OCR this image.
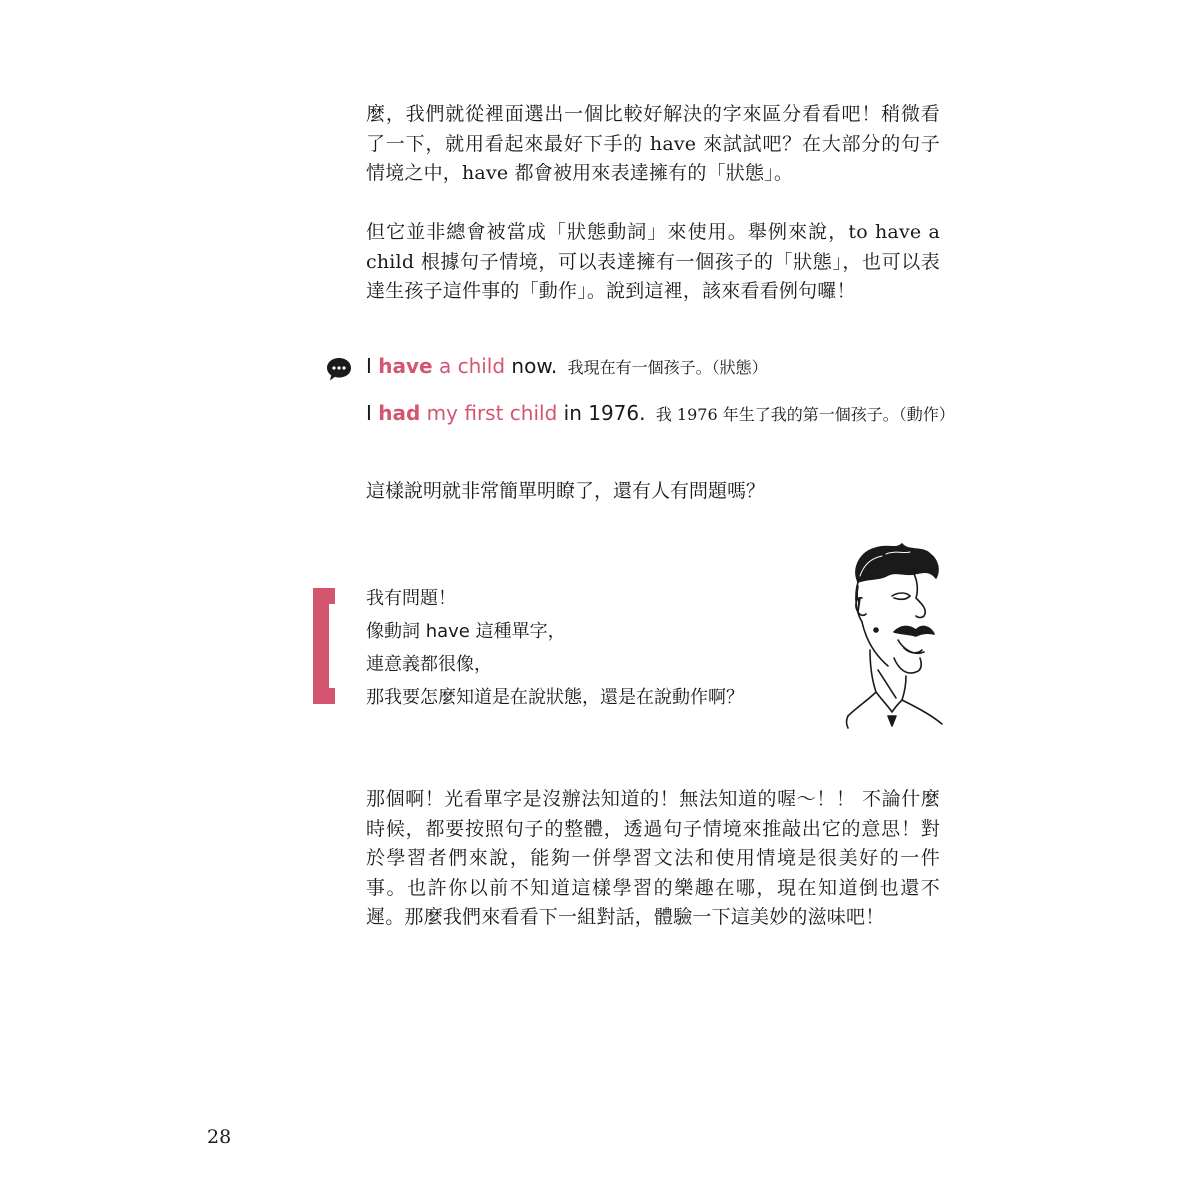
麼，我們就從裡面選出一個比較好解決的字來區分看看吧！稍微看了一下，就用看起來最好下手的 have 來試試吧？在大部分的句子情境之中，have 都會被用來表達擁有的「狀態」。

但它並非總會被當成「狀態動詞」來使用。舉例來說，to have a child 根據句子情境，可以表達擁有一個孩子的「狀態」，也可以表達生孩子這件事的「動作」。說到這裡，該來看看例句囉！

I have a child now. 我現在有一個孩子。（狀態）
I had my first child in 1976. 我 1976 年生了我的第一個孩子。（動作）
這樣說明就非常簡單明瞭了，還有人有問題嗎？
我有問題！
像動詞 have 這種單字，
連意義都很像，
那我要怎麼知道是在說狀態，還是在說動作啊？

那個啊！光看單字是沒辦法知道的！無法知道的喔～！！ 不論什麼時候，都要按照句子的整體，透過句子情境來推敲出它的意思！對於學習者們來說，能夠一併學習文法和使用情境是很美好的一件事。也許你以前不知道這樣學習的樂趣在哪，現在知道倒也還不遲。那麼我們來看看下一組對話，體驗一下這美妙的滋味吧！

28
